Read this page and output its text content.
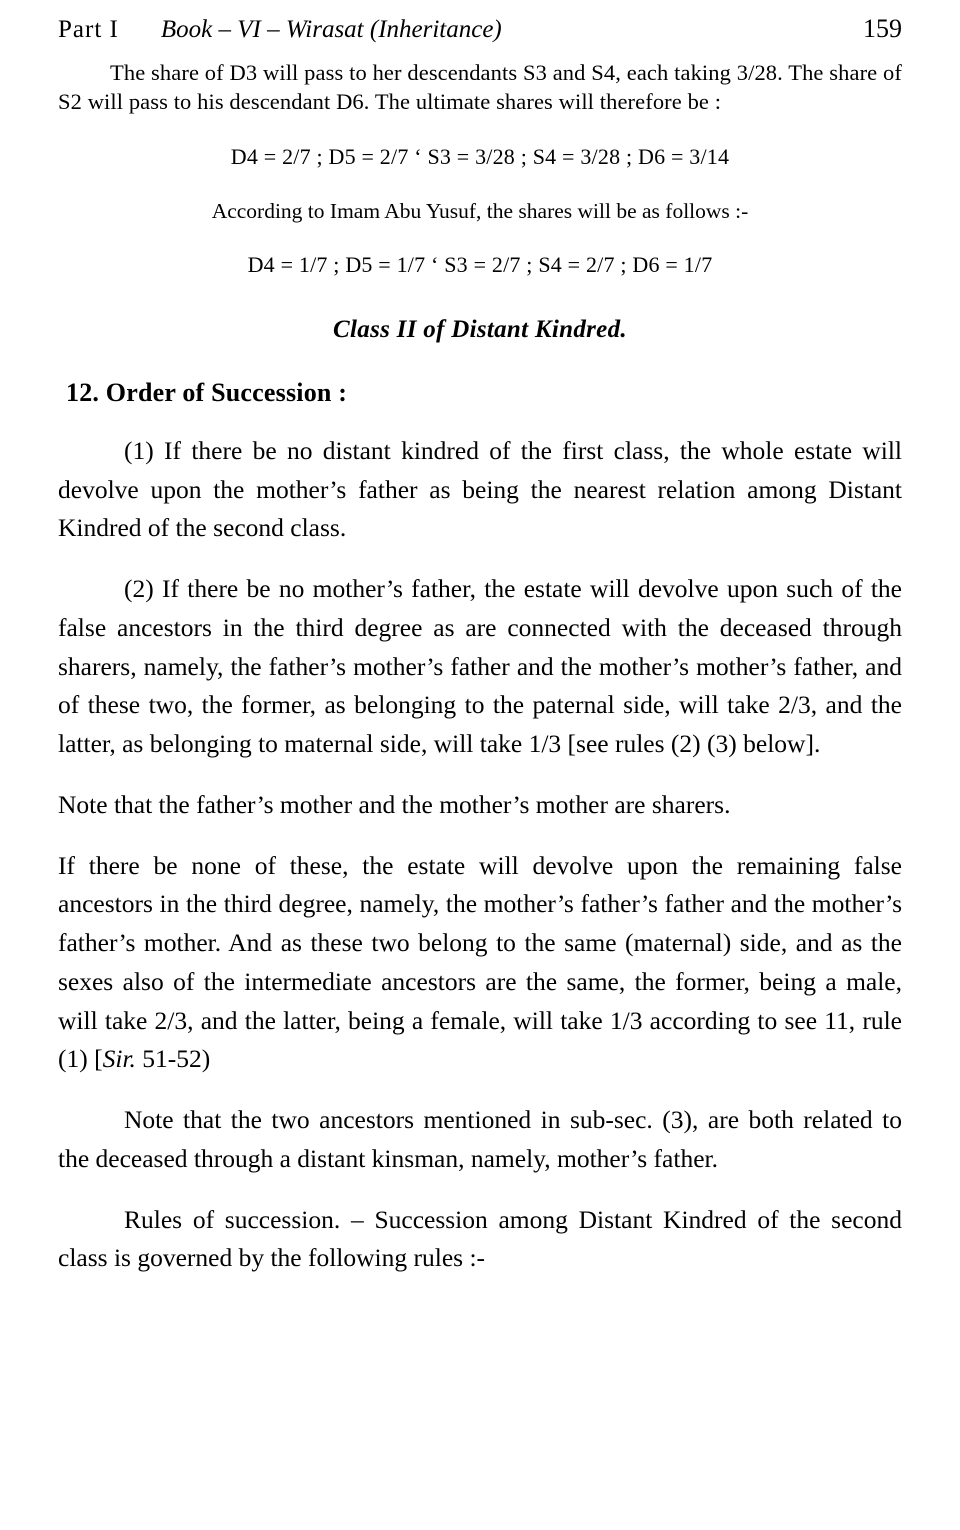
Part I Book – VI – Wirasat (Inheritance)	159

The share of D3 will pass to her descendants S3 and S4, each taking 3/28. The share of S2 will pass to his descendant D6. The ultimate shares will therefore be :

D4 = 2/7 ; D5 = 2/7 ‘ S3 = 3/28 ; S4 = 3/28 ; D6 = 3/14

According to Imam Abu Yusuf, the shares will be as follows :-

D4 = 1/7 ; D5 = 1/7 ‘ S3 = 2/7 ; S4 = 2/7 ; D6 = 1/7

Class II of Distant Kindred.

12. Order of Succession :

(1) If there be no distant kindred of the first class, the whole estate will devolve upon the mother’s father as being the nearest relation among Distant Kindred of the second class.

(2) If there be no mother’s father, the estate will devolve upon such of the false ancestors in the third degree as are connected with the deceased through sharers, namely, the father’s mother’s father and the mother’s mother’s father, and of these two, the former, as belonging to the paternal side, will take 2/3, and the latter, as belonging to maternal side, will take 1/3 [see rules (2) (3) below].

Note that the father’s mother and the mother’s mother are sharers.

If there be none of these, the estate will devolve upon the remaining false ancestors in the third degree, namely, the mother’s father’s father and the mother’s father’s mother. And as these two belong to the same (maternal) side, and as the sexes also of the intermediate ancestors are the same, the former, being a male, will take 2/3, and the latter, being a female, will take 1/3 according to see 11, rule (1) [Sir. 51-52)

Note that the two ancestors mentioned in sub-sec. (3), are both related to the deceased through a distant kinsman, namely, mother’s father.

Rules of succession. – Succession among Distant Kindred of the second class is governed by the following rules :-
